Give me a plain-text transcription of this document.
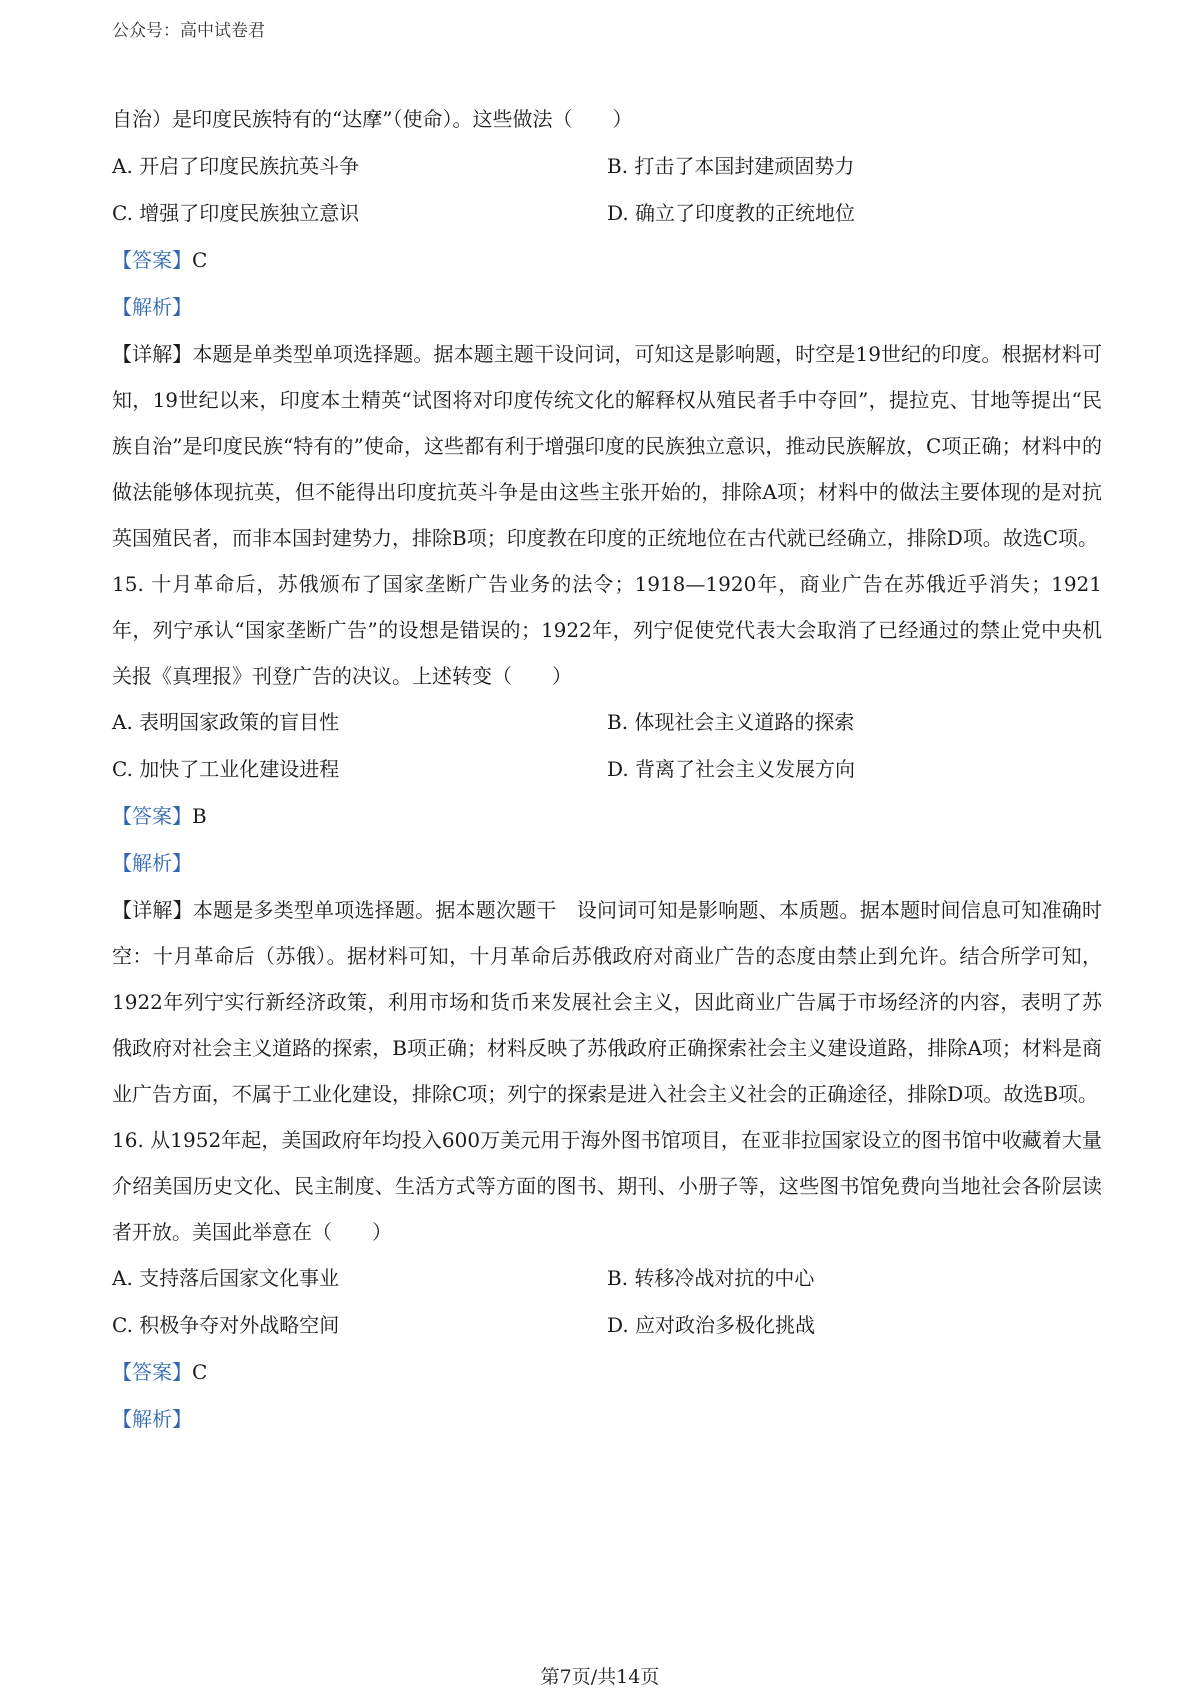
公众号：高中试卷君
自治）是印度民族特有的“达摩”（使命）。这些做法（　　）
A. 开启了印度民族抗英斗争	B. 打击了本国封建顽固势力
C. 增强了印度民族独立意识	D. 确立了印度教的正统地位
【答案】C
【解析】
【详解】本题是单类型单项选择题。据本题主题干设问词，可知这是影响题，时空是19世纪的印度。根据材料可知，19世纪以来，印度本土精英“试图将对印度传统文化的解释权从殖民者手中夺回”，提拉克、甘地等提出“民族自治”是印度民族“特有的”使命，这些都有利于增强印度的民族独立意识，推动民族解放，C项正确；材料中的做法能够体现抗英，但不能得出印度抗英斗争是由这些主张开始的，排除A项；材料中的做法主要体现的是对抗英国殖民者，而非本国封建势力，排除B项；印度教在印度的正统地位在古代就已经确立，排除D项。故选C项。
15. 十月革命后，苏俄颁布了国家垄断广告业务的法令；1918—1920年，商业广告在苏俄近乎消失；1921年，列宁承认“国家垄断广告”的设想是错误的；1922年，列宁促使党代表大会取消了已经通过的禁止党中央机关报《真理报》刊登广告的决议。上述转变（　　）
A. 表明国家政策的盲目性	B. 体现社会主义道路的探索
C. 加快了工业化建设进程	D. 背离了社会主义发展方向
【答案】B
【解析】
【详解】本题是多类型单项选择题。据本题次题干　设问词可知是影响题、本质题。据本题时间信息可知准确时空：十月革命后（苏俄）。据材料可知，十月革命后苏俄政府对商业广告的态度由禁止到允许。结合所学可知，1922年列宁实行新经济政策，利用市场和货币来发展社会主义，因此商业广告属于市场经济的内容，表明了苏俄政府对社会主义道路的探索，B项正确；材料反映了苏俄政府正确探索社会主义建设道路，排除A项；材料是商业广告方面，不属于工业化建设，排除C项；列宁的探索是进入社会主义社会的正确途径，排除D项。故选B项。
16. 从1952年起，美国政府年均投入600万美元用于海外图书馆项目，在亚非拉国家设立的图书馆中收藏着大量介绍美国历史文化、民主制度、生活方式等方面的图书、期刊、小册子等，这些图书馆免费向当地社会各阶层读者开放。美国此举意在（　　）
A. 支持落后国家文化事业	B. 转移冷战对抗的中心
C. 积极争夺对外战略空间	D. 应对政治多极化挑战
【答案】C
【解析】
第7页/共14页
